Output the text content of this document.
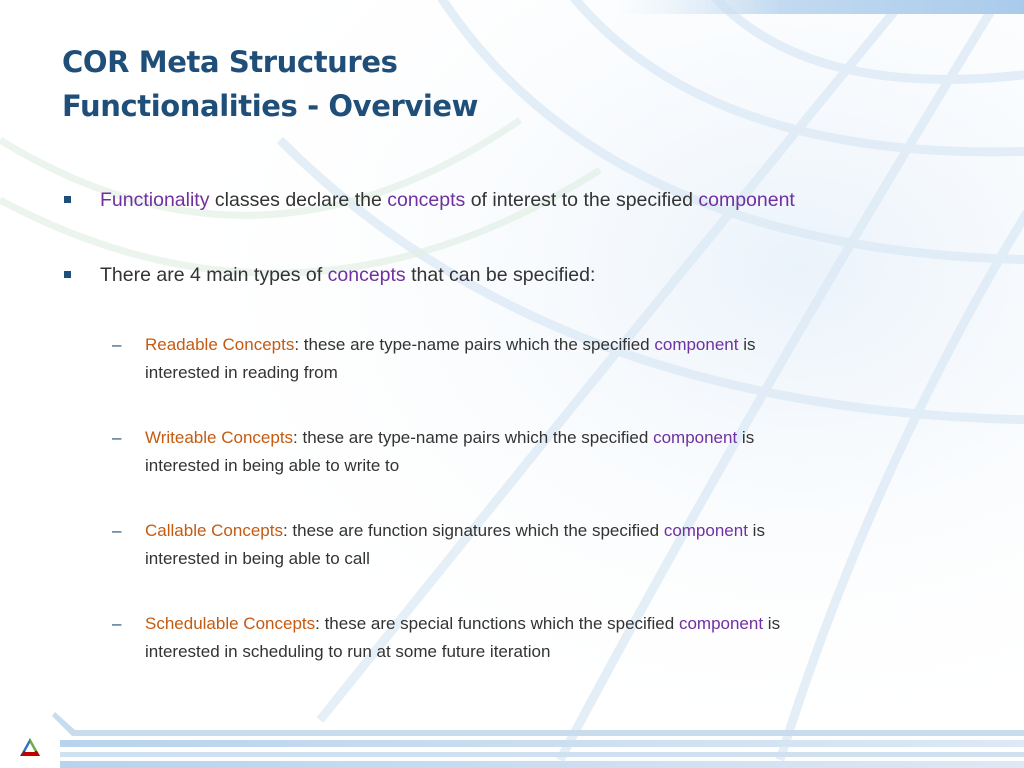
COR Meta Structures
Functionalities - Overview
Functionality classes declare the concepts of interest to the specified component
There are 4 main types of concepts that can be specified:
– Readable Concepts: these are type-name pairs which the specified component is
interested in reading from
– Writeable Concepts: these are type-name pairs which the specified component is
interested in being able to write to
– Callable Concepts: these are function signatures which the specified component is
interested in being able to call
– Schedulable Concepts: these are special functions which the specified component is
interested in scheduling to run at some future iteration
